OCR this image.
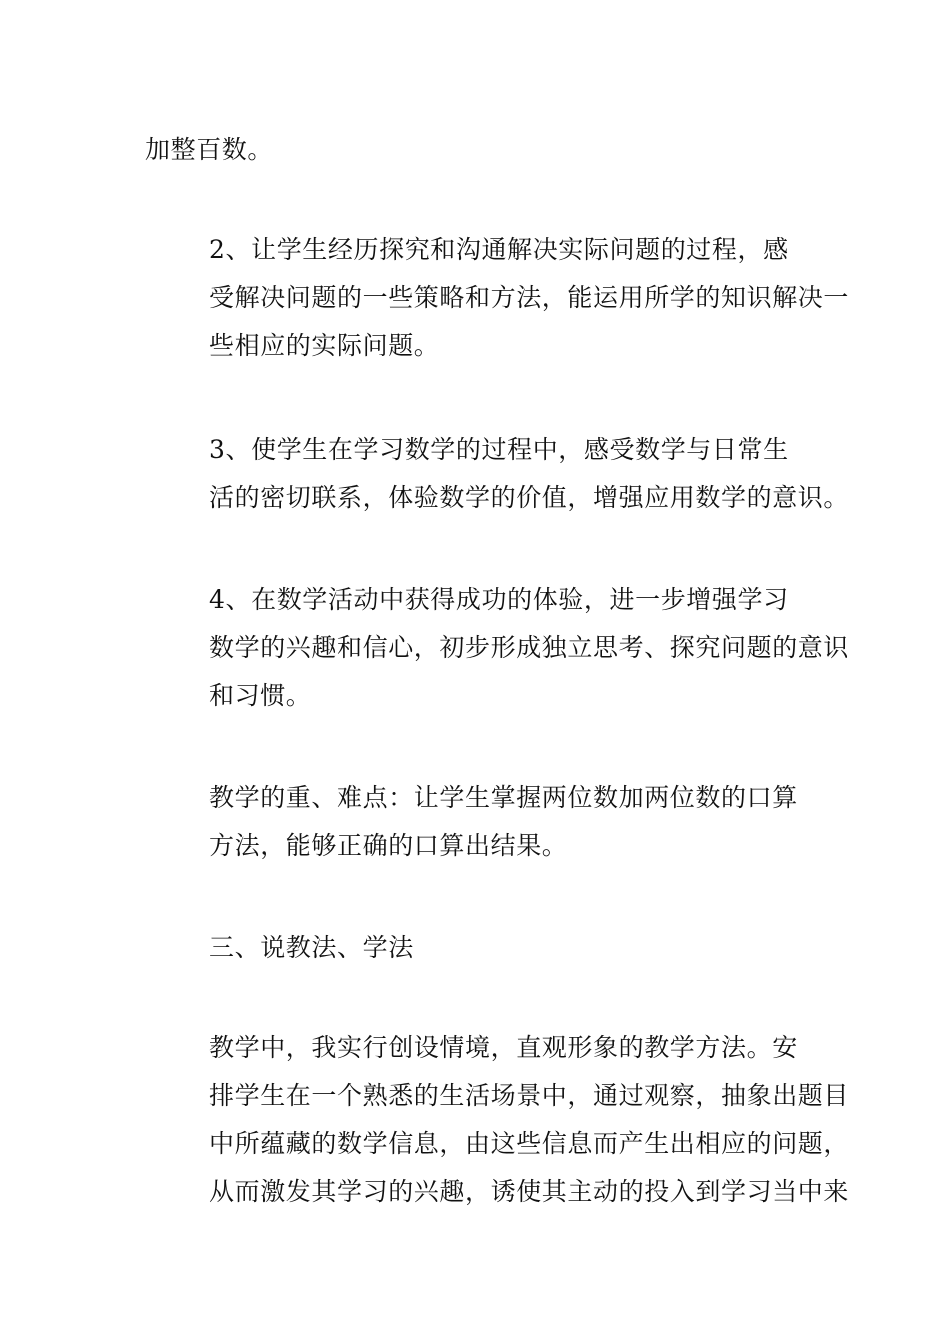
加整百数。

2、让学生经历探究和沟通解决实际问题的过程，感
受解决问题的一些策略和方法，能运用所学的知识解决一
些相应的实际问题。

3、使学生在学习数学的过程中，感受数学与日常生
活的密切联系，体验数学的价值，增强应用数学的意识。

4、在数学活动中获得成功的体验，进一步增强学习
数学的兴趣和信心，初步形成独立思考、探究问题的意识
和习惯。

教学的重、难点：让学生掌握两位数加两位数的口算
方法，能够正确的口算出结果。

三、说教法、学法

教学中，我实行创设情境，直观形象的教学方法。安
排学生在一个熟悉的生活场景中，通过观察，抽象出题目
中所蕴藏的数学信息，由这些信息而产生出相应的问题，
从而激发其学习的兴趣，诱使其主动的投入到学习当中来
